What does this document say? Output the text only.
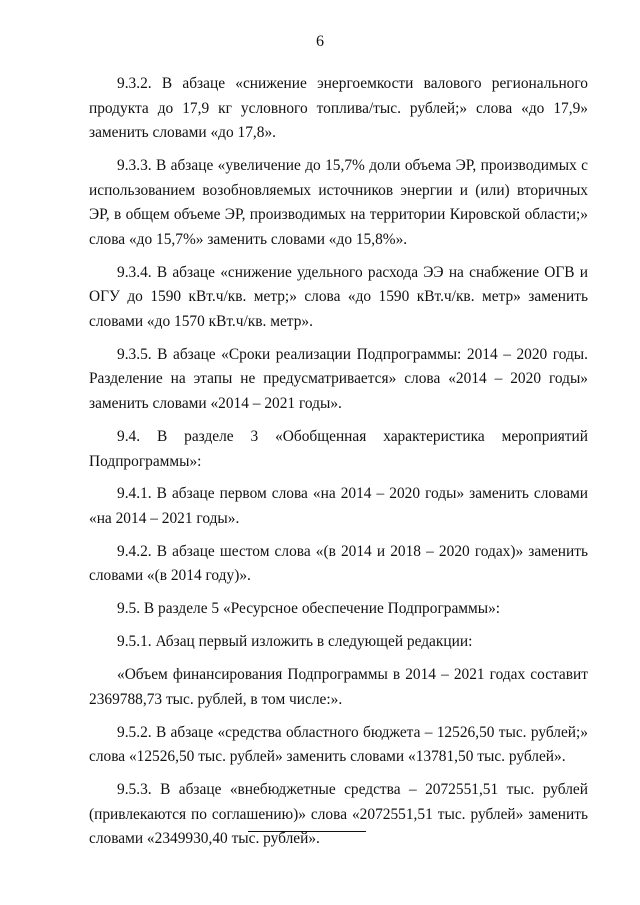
6

9.3.2. В абзаце «снижение энергоемкости валового регионального продукта до 17,9 кг условного топлива/тыс. рублей;» слова «до 17,9» заменить словами «до 17,8».

9.3.3. В абзаце «увеличение до 15,7% доли объема ЭР, производимых с использованием возобновляемых источников энергии и (или) вторичных ЭР, в общем объеме ЭР, производимых на территории Кировской области;» слова «до 15,7%» заменить словами «до 15,8%».

9.3.4. В абзаце «снижение удельного расхода ЭЭ на снабжение ОГВ и ОГУ до 1590 кВт.ч/кв. метр;» слова «до 1590 кВт.ч/кв. метр» заменить словами «до 1570 кВт.ч/кв. метр».

9.3.5. В абзаце «Сроки реализации Подпрограммы: 2014 – 2020 годы. Разделение на этапы не предусматривается» слова «2014 – 2020 годы» заменить словами «2014 – 2021 годы».

9.4. В разделе 3 «Обобщенная характеристика мероприятий Подпрограммы»:

9.4.1. В абзаце первом слова «на 2014 – 2020 годы» заменить словами «на 2014 – 2021 годы».

9.4.2. В абзаце шестом слова «(в 2014 и 2018 – 2020 годах)» заменить словами «(в 2014 году)».

9.5. В разделе 5 «Ресурсное обеспечение Подпрограммы»:

9.5.1. Абзац первый изложить в следующей редакции:

«Объем финансирования Подпрограммы в 2014 – 2021 годах составит 2369788,73 тыс. рублей, в том числе:».

9.5.2. В абзаце «средства областного бюджета – 12526,50 тыс. рублей;» слова «12526,50 тыс. рублей» заменить словами «13781,50 тыс. рублей».

9.5.3. В абзаце «внебюджетные средства – 2072551,51 тыс. рублей (привлекаются по соглашению)» слова «2072551,51 тыс. рублей» заменить словами «2349930,40 тыс. рублей».
